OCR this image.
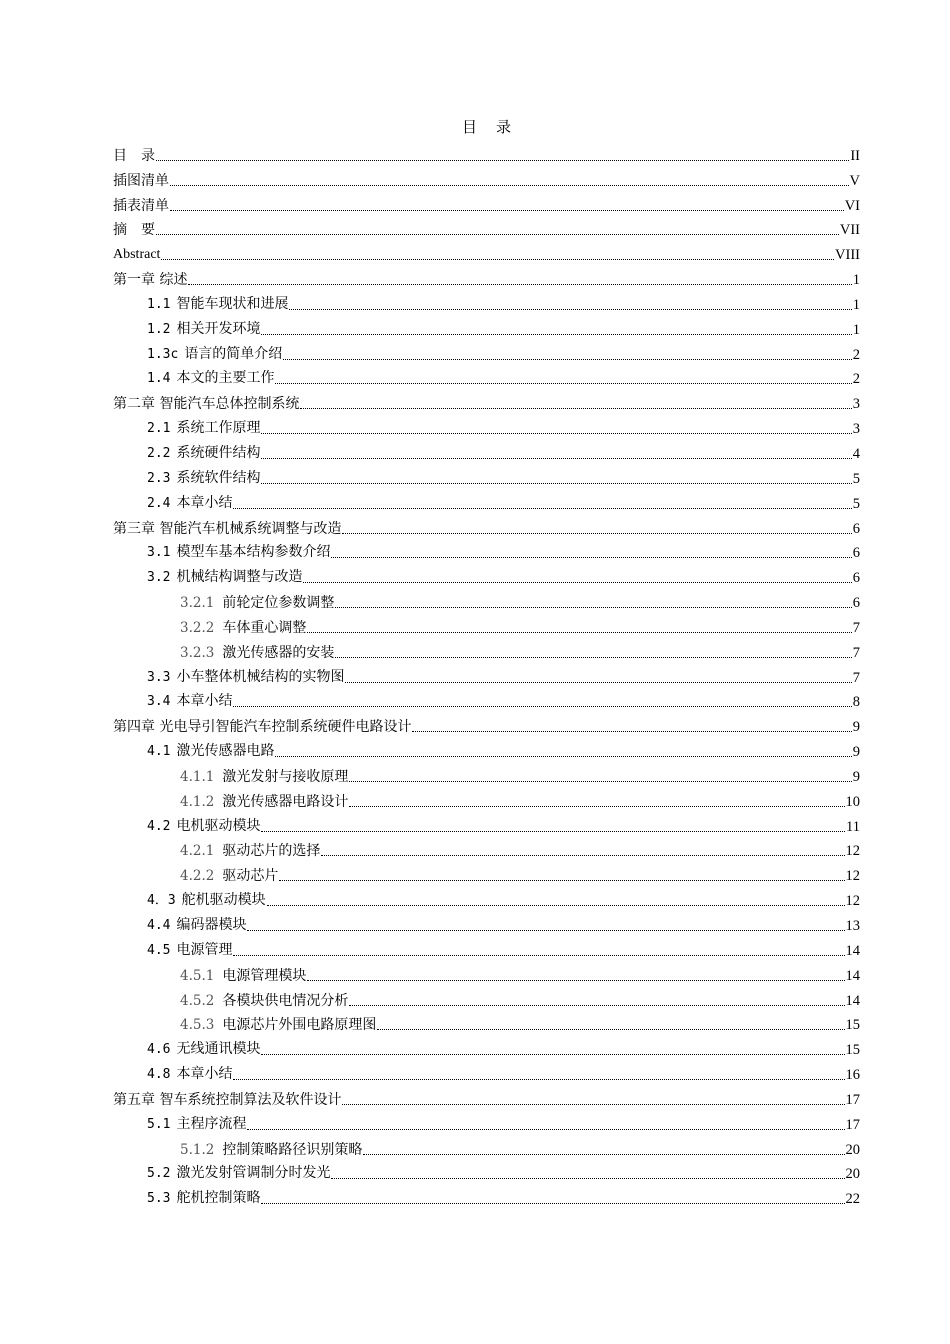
目　录
目　录	II
插图清单	V
插表清单	VI
摘　要	VII
Abstract	VIII
第一章 综述	1
1.1 智能车现状和进展	1
1.2 相关开发环境	1
1.3c 语言的简单介绍	2
1.4 本文的主要工作	2
第二章 智能汽车总体控制系统	3
2.1 系统工作原理	3
2.2 系统硬件结构	4
2.3 系统软件结构	5
2.4 本章小结	5
第三章 智能汽车机械系统调整与改造	6
3.1 模型车基本结构参数介绍	6
3.2 机械结构调整与改造	6
3.2.1 前轮定位参数调整	6
3.2.2 车体重心调整	7
3.2.3 激光传感器的安装	7
3.3 小车整体机械结构的实物图	7
3.4 本章小结	8
第四章 光电导引智能汽车控制系统硬件电路设计	9
4.1 激光传感器电路	9
4.1.1 激光发射与接收原理	9
4.1.2 激光传感器电路设计	10
4.2 电机驱动模块	11
4.2.1 驱动芯片的选择	12
4.2.2 驱动芯片	12
4．3 舵机驱动模块	12
4.4 编码器模块	13
4.5 电源管理	14
4.5.1 电源管理模块	14
4.5.2 各模块供电情况分析	14
4.5.3 电源芯片外围电路原理图	15
4.6 无线通讯模块	15
4.8 本章小结	16
第五章 智车系统控制算法及软件设计	17
5.1 主程序流程	17
5.1.2 控制策略路径识别策略	20
5.2 激光发射管调制分时发光	20
5.3 舵机控制策略	22
